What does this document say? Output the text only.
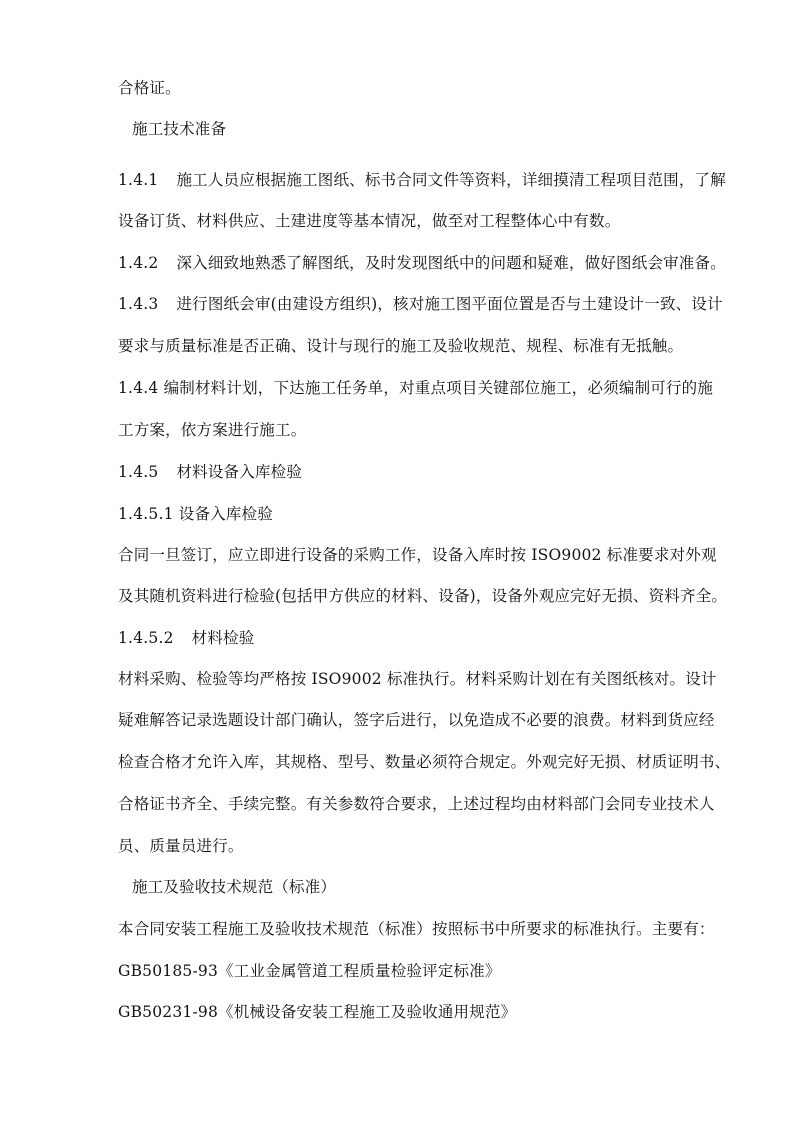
合格证。
施工技术准备
1.4.1 施工人员应根据施工图纸、标书合同文件等资料，详细摸清工程项目范围，了解
设备订货、材料供应、土建进度等基本情况，做至对工程整体心中有数。
1.4.2 深入细致地熟悉了解图纸，及时发现图纸中的问题和疑难，做好图纸会审准备。
1.4.3 进行图纸会审(由建设方组织)，核对施工图平面位置是否与土建设计一致、设计
要求与质量标准是否正确、设计与现行的施工及验收规范、规程、标准有无抵触。
1.4.4 编制材料计划，下达施工任务单，对重点项目关键部位施工，必须编制可行的施
工方案，依方案进行施工。
1.4.5 材料设备入库检验
1.4.5.1 设备入库检验
合同一旦签订，应立即进行设备的采购工作，设备入库时按 ISO9002 标准要求对外观
及其随机资料进行检验(包括甲方供应的材料、设备)，设备外观应完好无损、资料齐全。
1.4.5.2 材料检验
材料采购、检验等均严格按 ISO9002 标准执行。材料采购计划在有关图纸核对。设计
疑难解答记录选题设计部门确认，签字后进行，以免造成不必要的浪费。材料到货应经
检查合格才允许入库，其规格、型号、数量必须符合规定。外观完好无损、材质证明书、
合格证书齐全、手续完整。有关参数符合要求，上述过程均由材料部门会同专业技术人
员、质量员进行。
施工及验收技术规范（标准）
本合同安装工程施工及验收技术规范（标准）按照标书中所要求的标准执行。主要有：
GB50185-93《工业金属管道工程质量检验评定标准》
GB50231-98《机械设备安装工程施工及验收通用规范》
